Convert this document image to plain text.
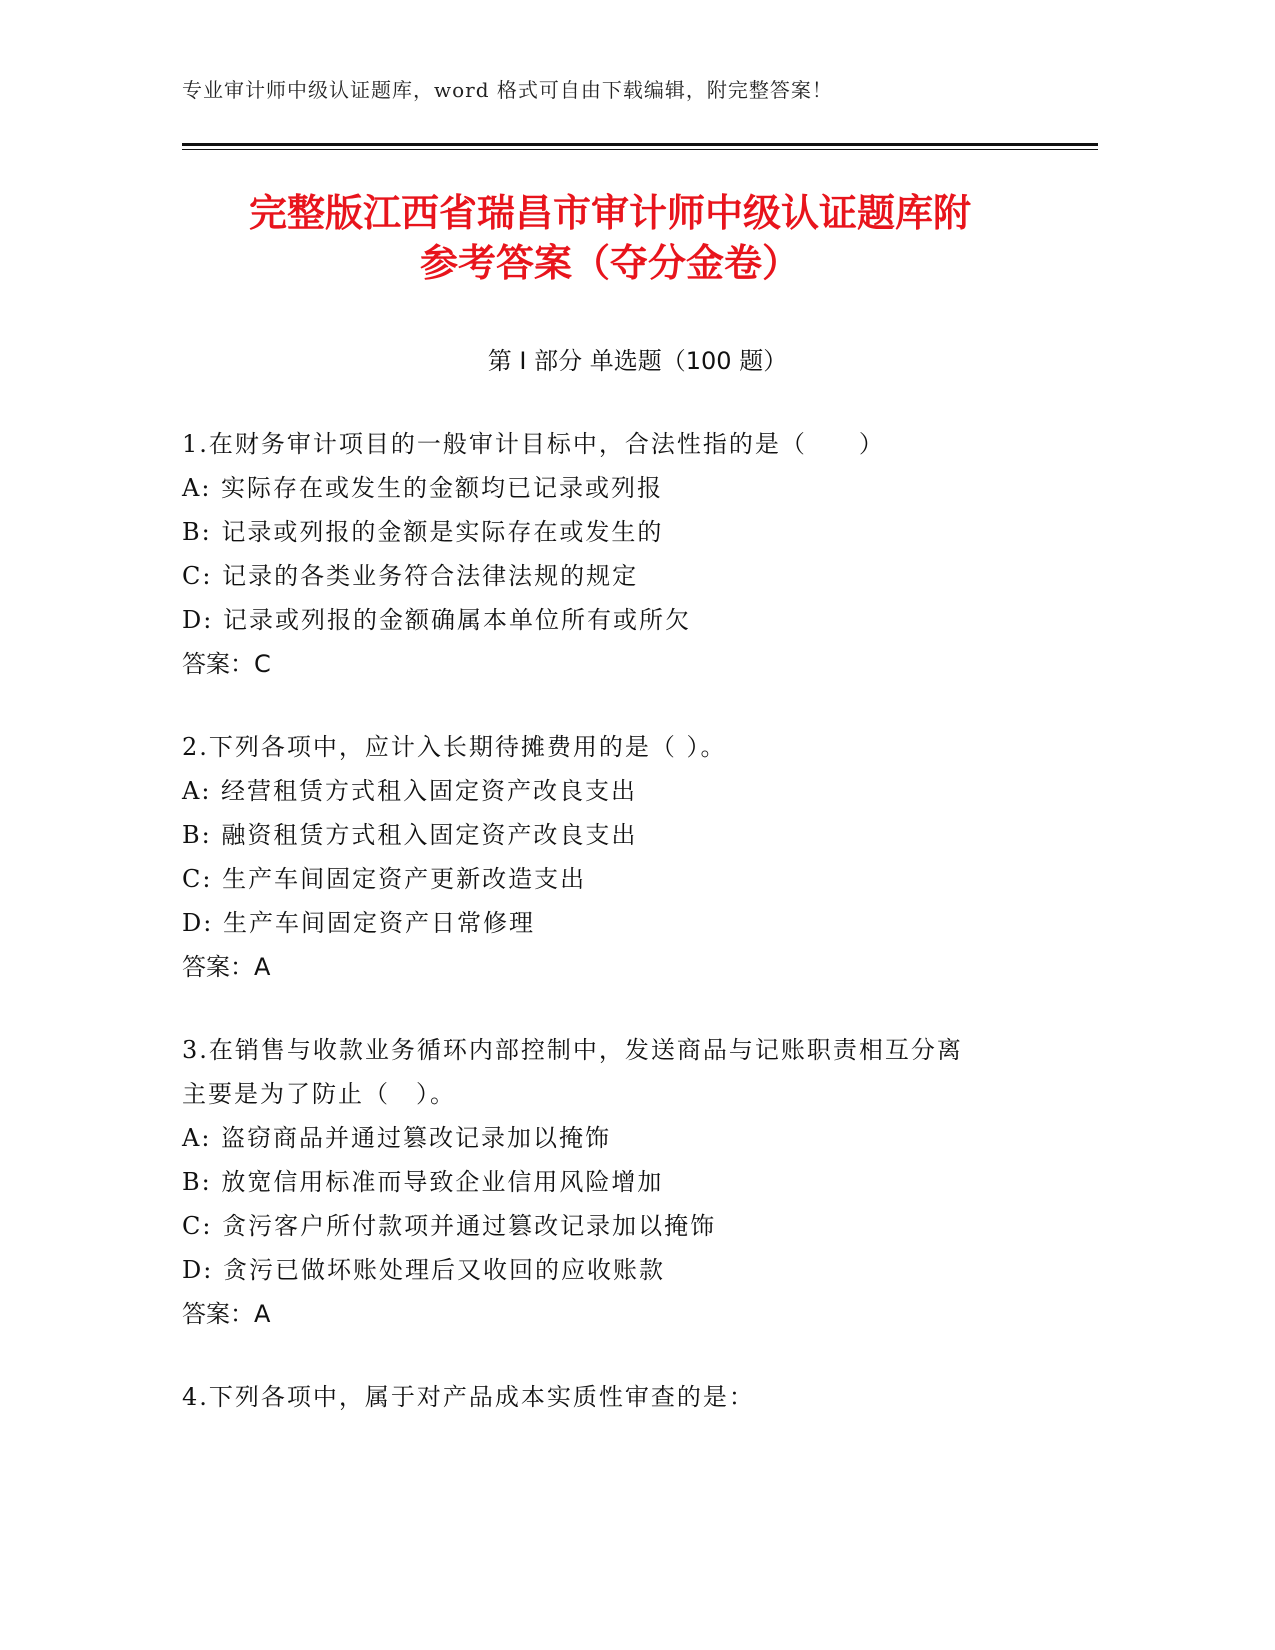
专业审计师中级认证题库，word 格式可自由下载编辑，附完整答案！
完整版江西省瑞昌市审计师中级认证题库附
参考答案（夺分金卷）
第 I 部分 单选题（100 题）
1.在财务审计项目的一般审计目标中，合法性指的是（　　）
A: 实际存在或发生的金额均已记录或列报
B: 记录或列报的金额是实际存在或发生的
C: 记录的各类业务符合法律法规的规定
D: 记录或列报的金额确属本单位所有或所欠
答案：C
2.下列各项中，应计入长期待摊费用的是（ ）。
A: 经营租赁方式租入固定资产改良支出
B: 融资租赁方式租入固定资产改良支出
C: 生产车间固定资产更新改造支出
D: 生产车间固定资产日常修理
答案：A
3.在销售与收款业务循环内部控制中，发送商品与记账职责相互分离
主要是为了防止（　）。
A: 盗窃商品并通过篡改记录加以掩饰
B: 放宽信用标准而导致企业信用风险增加
C: 贪污客户所付款项并通过篡改记录加以掩饰
D: 贪污已做坏账处理后又收回的应收账款
答案：A
4.下列各项中，属于对产品成本实质性审查的是：
